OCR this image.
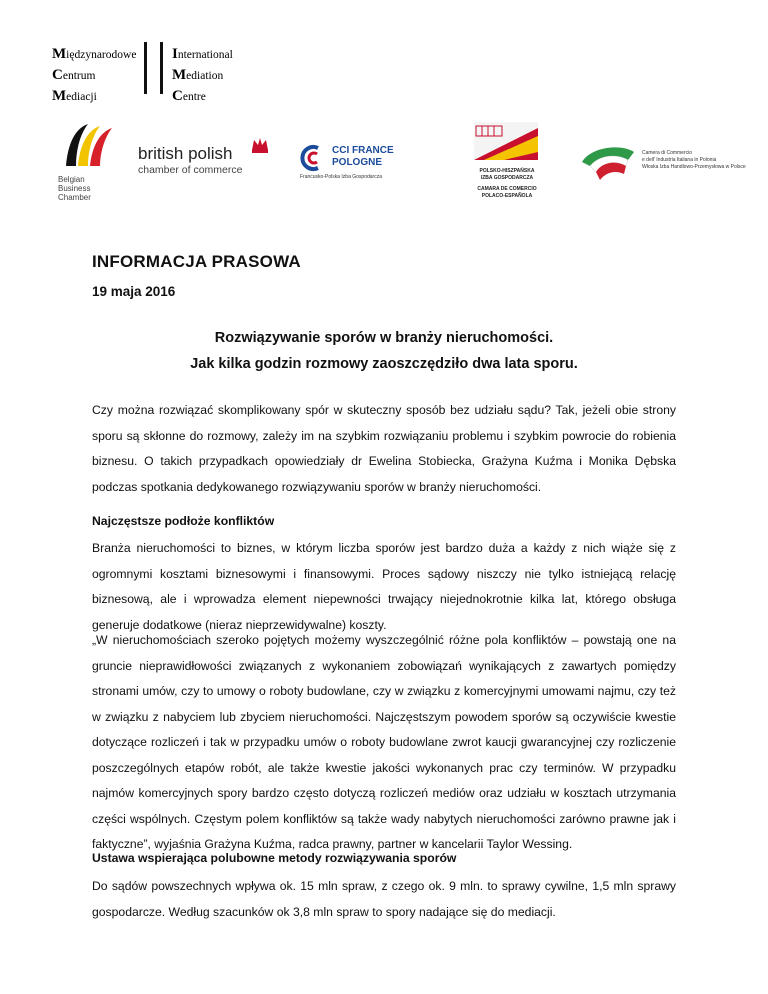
Międzynarodowe
Centrum
Mediacji
International
Mediation
Centre
Belgian
Business
Chamber
british polish
chamber of commerce
CCI FRANCE
POLOGNE
Francusko-Polska Izba Gospodarcza
POLSKO-HISZPAŃSKA
IZBA GOSPODARCZA
CAMARA DE COMERCIO
POLACO-ESPAÑOLA
Camera di Commercio
e dell' Industria Italiana in Polonia
Włoska Izba Handlowo-Przemysłowa w Polsce
INFORMACJA PRASOWA
19 maja 2016
Rozwiązywanie sporów w branży nieruchomości.
Jak kilka godzin rozmowy zaoszczędziło dwa lata sporu.
Czy można rozwiązać skomplikowany spór w skuteczny sposób bez udziału sądu? Tak, jeżeli obie strony sporu są skłonne do rozmowy, zależy im na szybkim rozwiązaniu problemu i szybkim powrocie do robienia biznesu. O takich przypadkach opowiedziały dr Ewelina Stobiecka, Grażyna Kuźma i Monika Dębska podczas spotkania dedykowanego rozwiązywaniu sporów w branży nieruchomości.
Najczęstsze podłoże konfliktów
Branża nieruchomości to biznes, w którym liczba sporów jest bardzo duża a każdy z nich wiąże się z ogromnymi kosztami biznesowymi i finansowymi. Proces sądowy niszczy nie tylko istniejącą relację biznesową, ale i wprowadza element niepewności trwający niejednokrotnie kilka lat, którego obsługa generuje dodatkowe (nieraz nieprzewidywalne) koszty.
„W nieruchomościach szeroko pojętych możemy wyszczególnić różne pola konfliktów – powstają one na gruncie nieprawidłowości związanych z wykonaniem zobowiązań wynikających z zawartych pomiędzy stronami umów, czy to umowy o roboty budowlane, czy w związku z komercyjnymi umowami najmu, czy też w związku z nabyciem lub zbyciem nieruchomości. Najczęstszym powodem sporów są oczywiście kwestie dotyczące rozliczeń i tak w przypadku umów o roboty budowlane zwrot kaucji gwarancyjnej czy rozliczenie poszczególnych etapów robót, ale także kwestie jakości wykonanych prac czy terminów. W przypadku najmów komercyjnych spory bardzo często dotyczą rozliczeń mediów oraz udziału w kosztach utrzymania części wspólnych. Częstym polem konfliktów są także wady nabytych nieruchomości zarówno prawne jak i faktyczne”, wyjaśnia Grażyna Kuźma, radca prawny, partner w kancelarii Taylor Wessing.
Ustawa wspierająca polubowne metody rozwiązywania sporów
Do sądów powszechnych wpływa ok. 15 mln spraw, z czego ok. 9 mln. to sprawy cywilne, 1,5 mln sprawy gospodarcze. Według szacunków ok 3,8 mln spraw to spory nadające się do mediacji.
